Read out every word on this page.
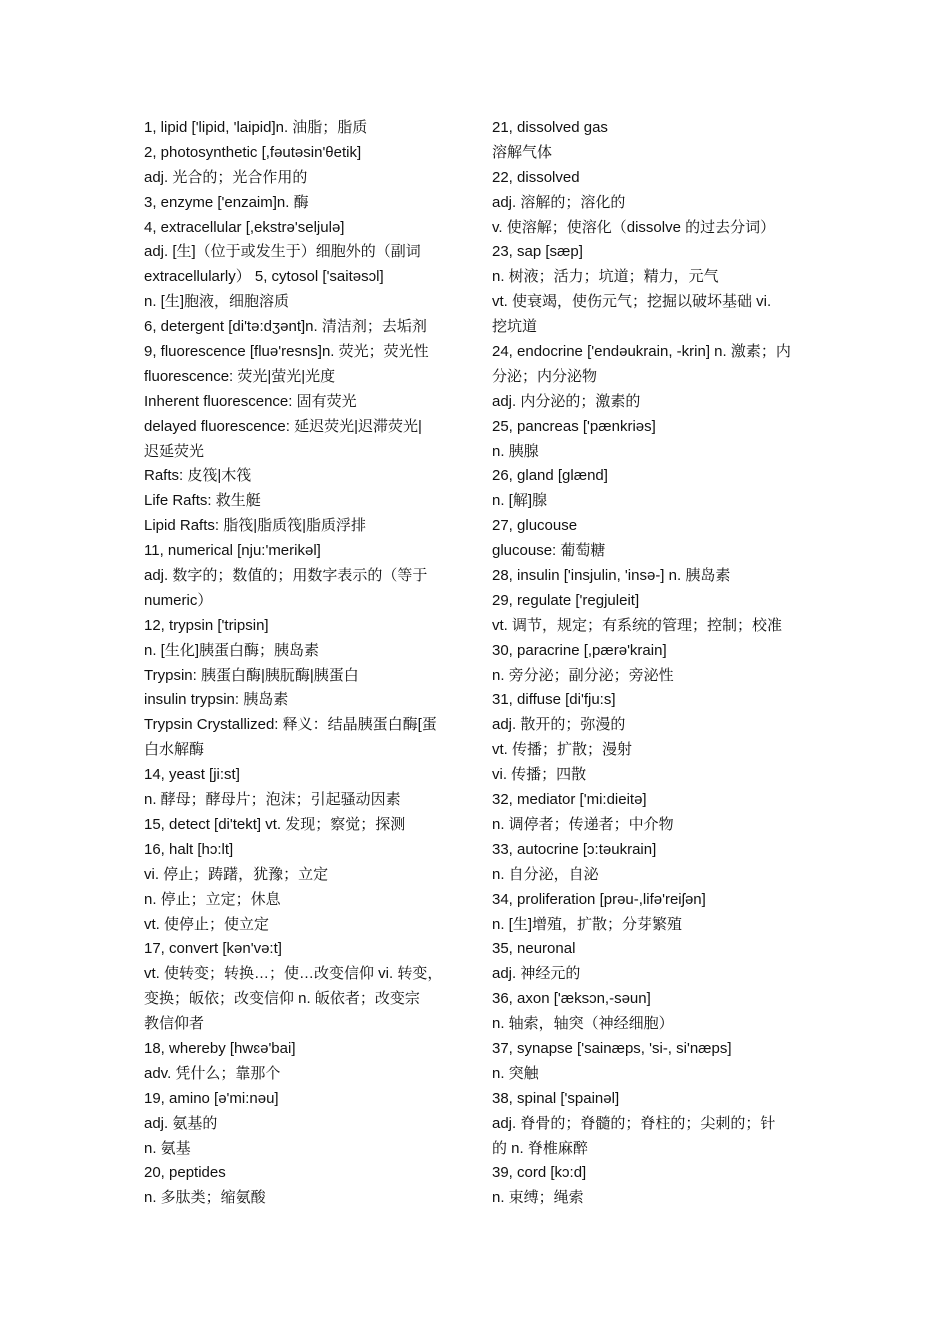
1, lipid ['lipid, 'laipid]n. 油脂；脂质
2, photosynthetic [,fəutəsin'θetik]
adj. 光合的；光合作用的
3, enzyme ['enzaim]n. 酶
4, extracellular [,ekstrə'seljulə]
adj. [生]（位于或发生于）细胞外的（副词
extracellularly） 5, cytosol ['saitəsɔl]
n. [生]胞液，细胞溶质
6, detergent [di'tə:dʒənt]n. 清洁剂；去垢剂
9, fluorescence [fluə'resns]n. 荧光；荧光性
fluorescence: 荧光|萤光|光度
Inherent fluorescence: 固有荧光
delayed fluorescence: 延迟荧光|迟滞荧光|
迟延荧光
Rafts: 皮筏|木筏
Life Rafts: 救生艇
Lipid Rafts: 脂筏|脂质筏|脂质浮排
11, numerical [nju:'merikəl]
adj. 数字的；数值的；用数字表示的（等于
numeric）
12, trypsin ['tripsin]
n. [生化]胰蛋白酶；胰岛素
Trypsin: 胰蛋白酶|胰朊酶|胰蛋白
insulin trypsin: 胰岛素
Trypsin Crystallized: 释义：结晶胰蛋白酶[蛋
白水解酶
14, yeast [ji:st]
n. 酵母；酵母片；泡沫；引起骚动因素
15, detect [di'tekt] vt. 发现；察觉；探测
16, halt [hɔ:lt]
vi. 停止；踌躇，犹豫；立定
n. 停止；立定；休息
vt. 使停止；使立定
17, convert [kən'və:t]
vt. 使转变；转换…；使…改变信仰 vi. 转变，
变换；皈依；改变信仰 n. 皈依者；改变宗
教信仰者
18, whereby [hwɛə'bai]
adv. 凭什么；靠那个
19, amino [ə'mi:nəu]
adj. 氨基的
n. 氨基
20, peptides
n. 多肽类；缩氨酸
21, dissolved gas
溶解气体
22, dissolved
adj. 溶解的；溶化的
v. 使溶解；使溶化（dissolve 的过去分词）
23, sap [sæp]
n. 树液；活力；坑道；精力，元气
vt. 使衰竭，使伤元气；挖掘以破坏基础 vi.
挖坑道
24, endocrine ['endəukrain, -krin] n. 激素；内
分泌；内分泌物
adj. 内分泌的；激素的
25, pancreas ['pænkriəs]
n. 胰腺
26, gland [ɡlænd]
n. [解]腺
27, glucouse
glucouse: 葡萄糖
28, insulin ['insjulin, 'insə-] n. 胰岛素
29, regulate ['reɡjuleit]
vt. 调节，规定；有系统的管理；控制；校准
30, paracrine [,pærə'krain]
n. 旁分泌；副分泌；旁泌性
31, diffuse [di'fju:s]
adj. 散开的；弥漫的
vt. 传播；扩散；漫射
vi. 传播；四散
32, mediator ['mi:dieitə]
n. 调停者；传递者；中介物
33, autocrine [ɔ:təukrain]
n. 自分泌，自泌
34, proliferation [prəu-,lifə'reiʃən]
n. [生]增殖，扩散；分芽繁殖
35, neuronal
adj. 神经元的
36, axon ['æksɔn,-səun]
n. 轴索，轴突（神经细胞）
37, synapse ['sainæps, 'si-, si'næps]
n. 突触
38, spinal ['spainəl]
adj. 脊骨的；脊髓的；脊柱的；尖刺的；针
的 n. 脊椎麻醉
39, cord [kɔ:d]
n. 束缚；绳索
